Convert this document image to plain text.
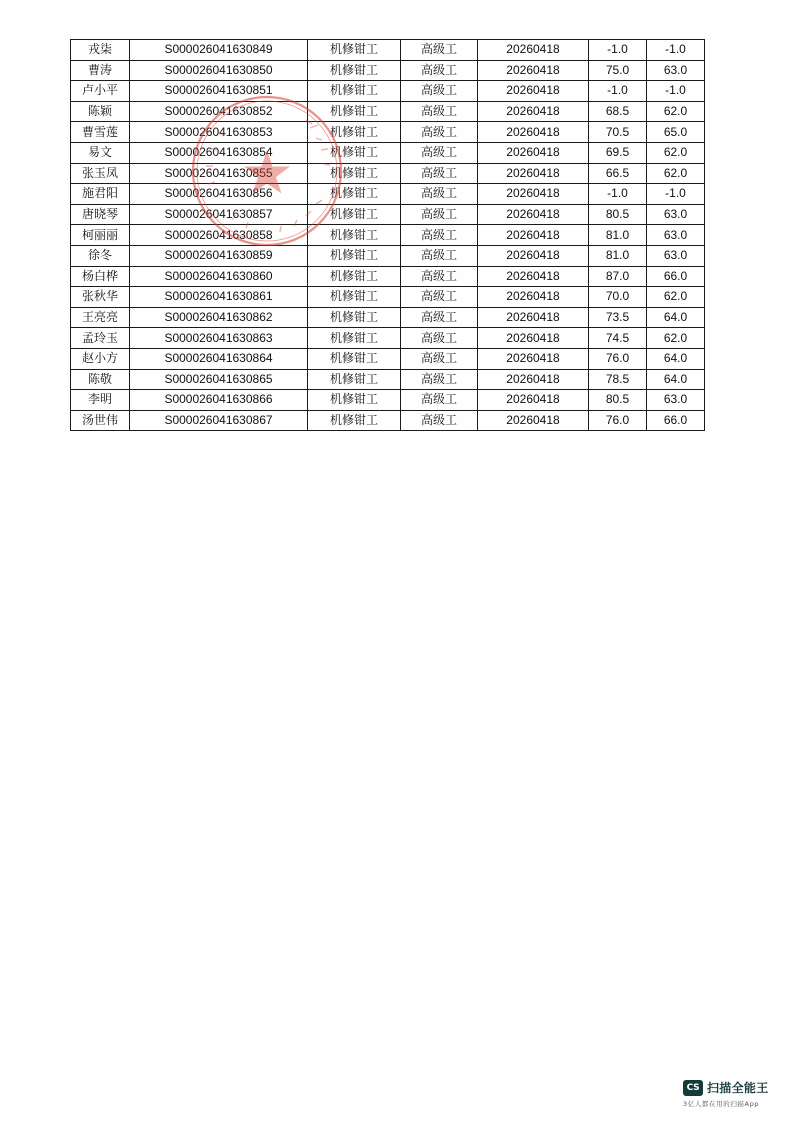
戎柒	S000026041630849	机修钳工	高级工	20260418	-1.0	-1.0
曹涛	S000026041630850	机修钳工	高级工	20260418	75.0	63.0
卢小平	S000026041630851	机修钳工	高级工	20260418	-1.0	-1.0
陈颖	S000026041630852	机修钳工	高级工	20260418	68.5	62.0
曹雪莲	S000026041630853	机修钳工	高级工	20260418	70.5	65.0
易文	S000026041630854	机修钳工	高级工	20260418	69.5	62.0
张玉凤	S000026041630855	机修钳工	高级工	20260418	66.5	62.0
施君阳	S000026041630856	机修钳工	高级工	20260418	-1.0	-1.0
唐晓琴	S000026041630857	机修钳工	高级工	20260418	80.5	63.0
柯丽丽	S000026041630858	机修钳工	高级工	20260418	81.0	63.0
徐冬	S000026041630859	机修钳工	高级工	20260418	81.0	63.0
杨白桦	S000026041630860	机修钳工	高级工	20260418	87.0	66.0
张秋华	S000026041630861	机修钳工	高级工	20260418	70.0	62.0
王亮亮	S000026041630862	机修钳工	高级工	20260418	73.5	64.0
孟玲玉	S000026041630863	机修钳工	高级工	20260418	74.5	62.0
赵小方	S000026041630864	机修钳工	高级工	20260418	76.0	64.0
陈敬	S000026041630865	机修钳工	高级工	20260418	78.5	64.0
李明	S000026041630866	机修钳工	高级工	20260418	80.5	63.0
汤世伟	S000026041630867	机修钳工	高级工	20260418	76.0	66.0
CS 扫描全能王
3亿人都在用的扫描App
